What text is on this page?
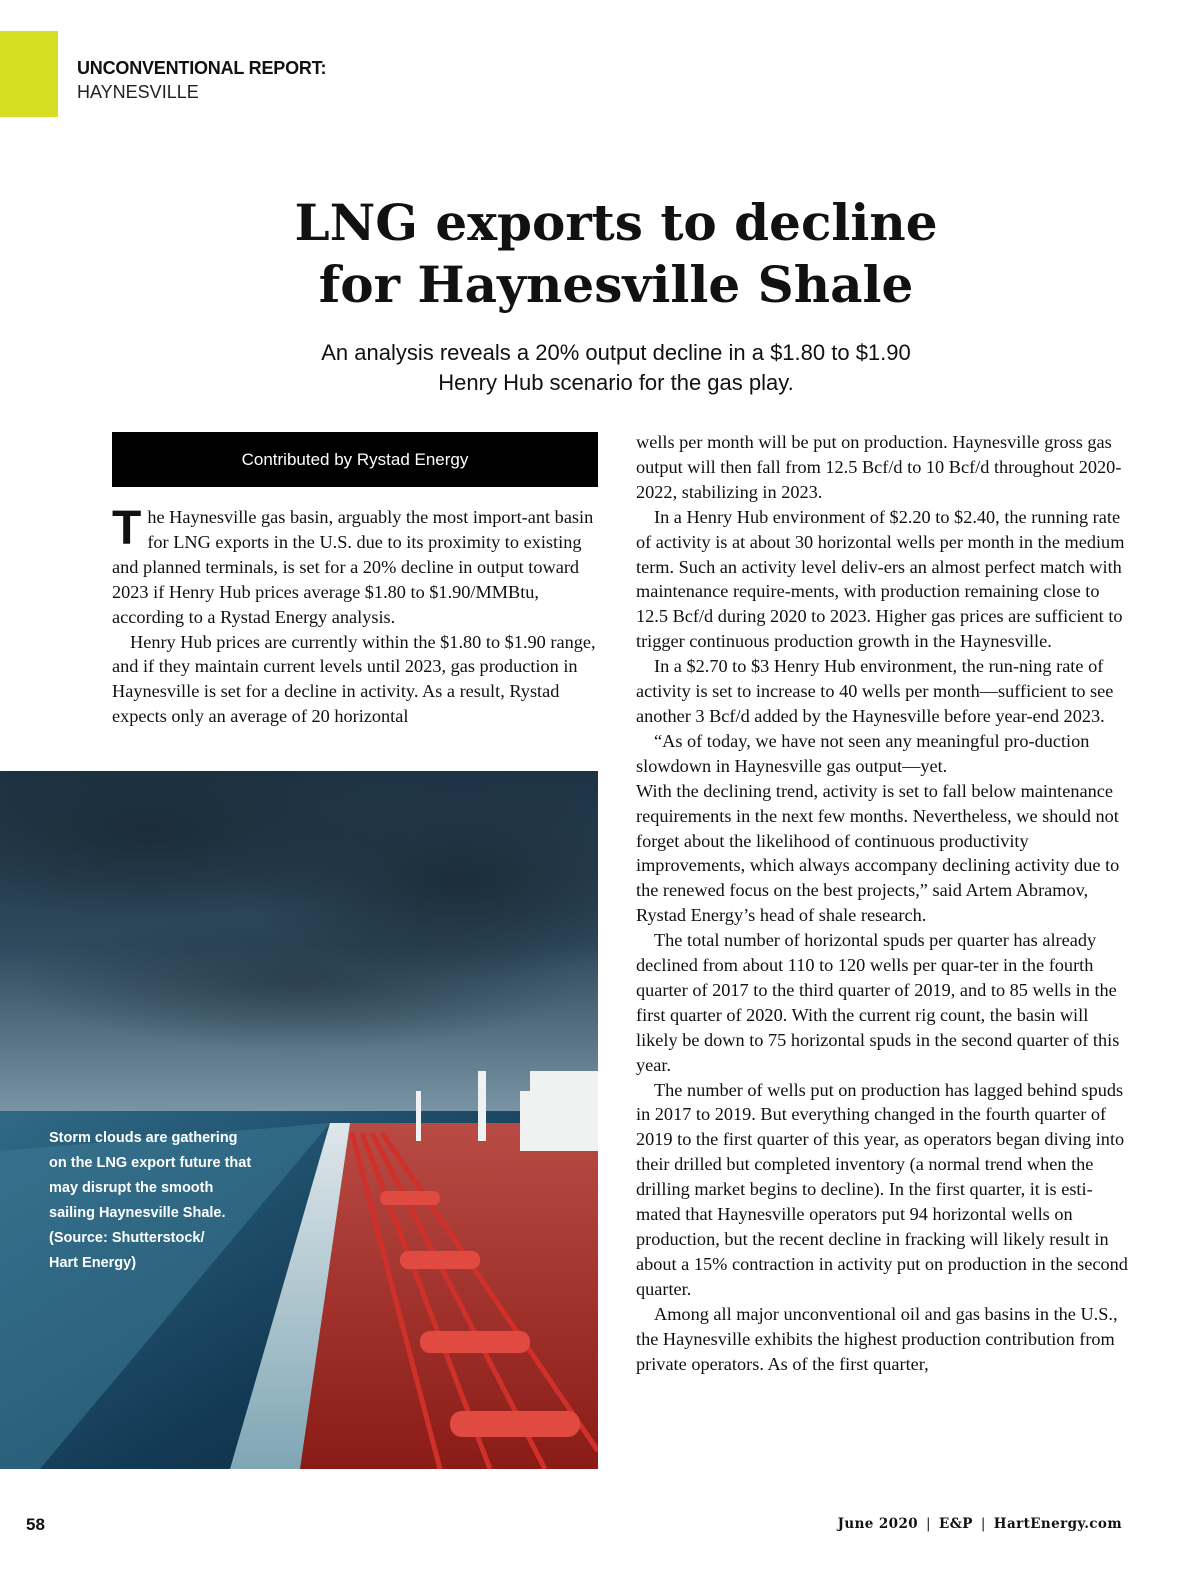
UNCONVENTIONAL REPORT:
HAYNESVILLE
LNG exports to decline
for Haynesville Shale
An analysis reveals a 20% output decline in a $1.80 to $1.90
Henry Hub scenario for the gas play.
Contributed by Rystad Energy

The Haynesville gas basin, arguably the most import-ant basin for LNG exports in the U.S. due to its proximity to existing and planned terminals, is set for a 20% decline in output toward 2023 if Henry Hub prices average $1.80 to $1.90/MMBtu, according to a Rystad Energy analysis.

Henry Hub prices are currently within the $1.80 to $1.90 range, and if they maintain current levels until 2023, gas production in Haynesville is set for a decline in activity. As a result, Rystad expects only an average of 20 horizontal

Storm clouds are gathering
on the LNG export future that
may disrupt the smooth
sailing Haynesville Shale.
(Source: Shutterstock/
Hart Energy)

wells per month will be put on production. Haynesville gross gas output will then fall from 12.5 Bcf/d to 10 Bcf/d throughout 2020-2022, stabilizing in 2023.

In a Henry Hub environment of $2.20 to $2.40, the running rate of activity is at about 30 horizontal wells per month in the medium term. Such an activity level deliv-ers an almost perfect match with maintenance require-ments, with production remaining close to 12.5 Bcf/d during 2020 to 2023. Higher gas prices are sufficient to trigger continuous production growth in the Haynesville.

In a $2.70 to $3 Henry Hub environment, the run-ning rate of activity is set to increase to 40 wells per month—sufficient to see another 3 Bcf/d added by the Haynesville before year-end 2023.

“As of today, we have not seen any meaningful pro-duction slowdown in Haynesville gas output—yet.

With the declining trend, activity is set to fall below maintenance requirements in the next few months. Nevertheless, we should not forget about the likelihood of continuous productivity improvements, which always accompany declining activity due to the renewed focus on the best projects,” said Artem Abramov, Rystad Energy’s head of shale research.

The total number of horizontal spuds per quarter has already declined from about 110 to 120 wells per quar-ter in the fourth quarter of 2017 to the third quarter of 2019, and to 85 wells in the first quarter of 2020. With the current rig count, the basin will likely be down to 75 horizontal spuds in the second quarter of this year.

The number of wells put on production has lagged behind spuds in 2017 to 2019. But everything changed in the fourth quarter of 2019 to the first quarter of this year, as operators began diving into their drilled but completed inventory (a normal trend when the drilling market begins to decline). In the first quarter, it is esti-mated that Haynesville operators put 94 horizontal wells on production, but the recent decline in fracking will likely result in about a 15% contraction in activity put on production in the second quarter.

Among all major unconventional oil and gas basins in the U.S., the Haynesville exhibits the highest production contribution from private operators. As of the first quarter,

58	June 2020 | E&P | HartEnergy.com
